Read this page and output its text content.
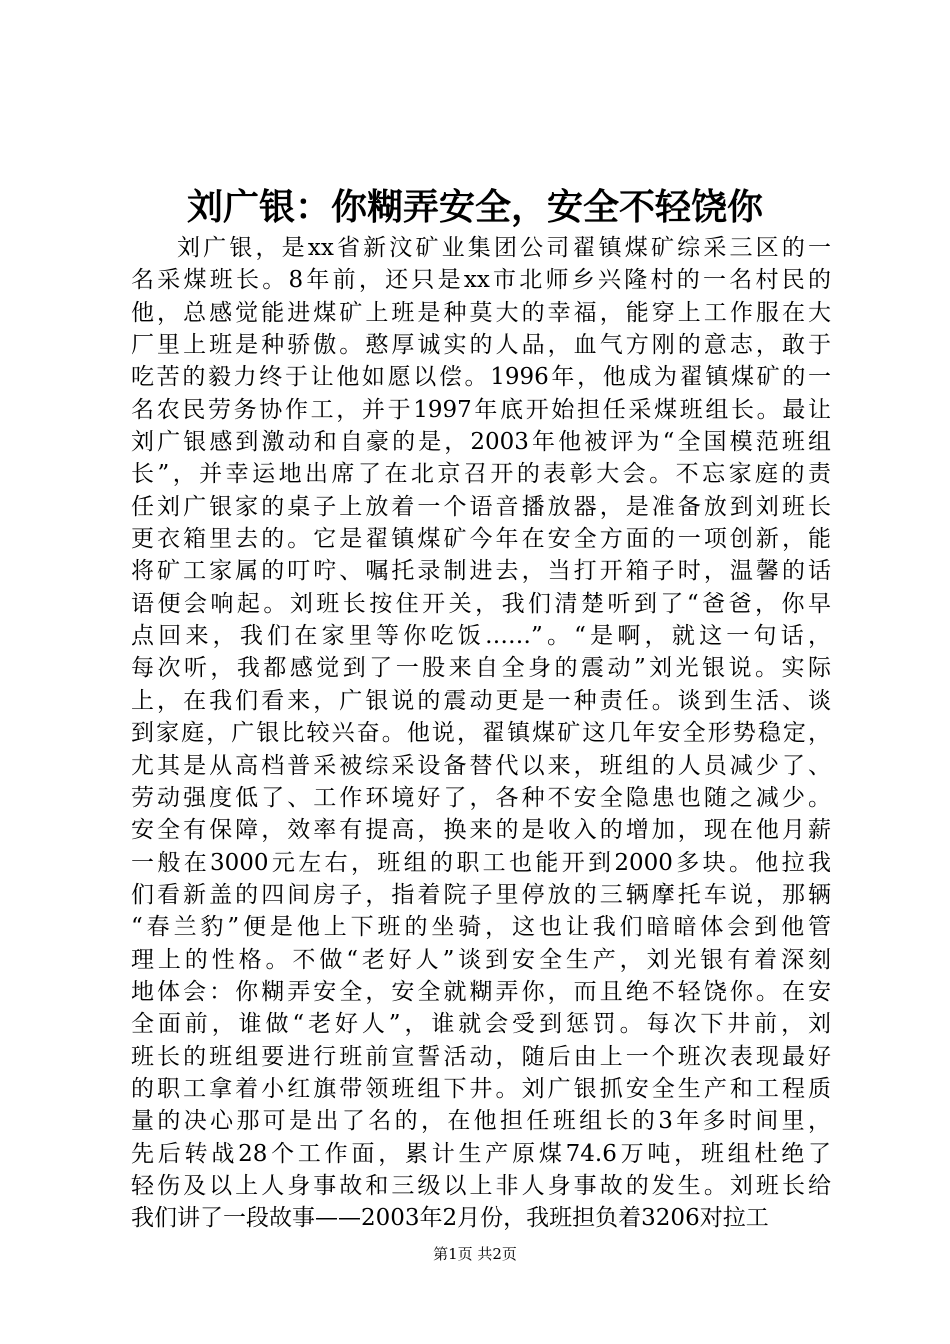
刘广银：你糊弄安全，安全不轻饶你
刘广银，是xx省新汶矿业集团公司翟镇煤矿综采三区的一
名采煤班长。8年前，还只是xx市北师乡兴隆村的一名村民的
他，总感觉能进煤矿上班是种莫大的幸福，能穿上工作服在大
厂里上班是种骄傲。憨厚诚实的人品，血气方刚的意志，敢于
吃苦的毅力终于让他如愿以偿。1996年，他成为翟镇煤矿的一
名农民劳务协作工，并于1997年底开始担任采煤班组长。最让
刘广银感到激动和自豪的是，2003年他被评为“全国模范班组
长”，并幸运地出席了在北京召开的表彰大会。不忘家庭的责
任刘广银家的桌子上放着一个语音播放器，是准备放到刘班长
更衣箱里去的。它是翟镇煤矿今年在安全方面的一项创新，能
将矿工家属的叮咛、嘱托录制进去，当打开箱子时，温馨的话
语便会响起。刘班长按住开关，我们清楚听到了“爸爸，你早
点回来，我们在家里等你吃饭……”。“是啊，就这一句话，
每次听，我都感觉到了一股来自全身的震动”刘光银说。实际
上，在我们看来，广银说的震动更是一种责任。谈到生活、谈
到家庭，广银比较兴奋。他说，翟镇煤矿这几年安全形势稳定，
尤其是从高档普采被综采设备替代以来，班组的人员减少了、
劳动强度低了、工作环境好了，各种不安全隐患也随之减少。
安全有保障，效率有提高，换来的是收入的增加，现在他月薪
一般在3000元左右，班组的职工也能开到2000多块。他拉我
们看新盖的四间房子，指着院子里停放的三辆摩托车说，那辆
“春兰豹”便是他上下班的坐骑，这也让我们暗暗体会到他管
理上的性格。不做“老好人”谈到安全生产，刘光银有着深刻
地体会：你糊弄安全，安全就糊弄你，而且绝不轻饶你。在安
全面前，谁做“老好人”，谁就会受到惩罚。每次下井前，刘
班长的班组要进行班前宣誓活动，随后由上一个班次表现最好
的职工拿着小红旗带领班组下井。刘广银抓安全生产和工程质
量的决心那可是出了名的，在他担任班组长的3年多时间里，
先后转战28个工作面，累计生产原煤74.6万吨，班组杜绝了
轻伤及以上人身事故和三级以上非人身事故的发生。刘班长给
我们讲了一段故事——2003年2月份，我班担负着3206对拉工
第1页 共2页
